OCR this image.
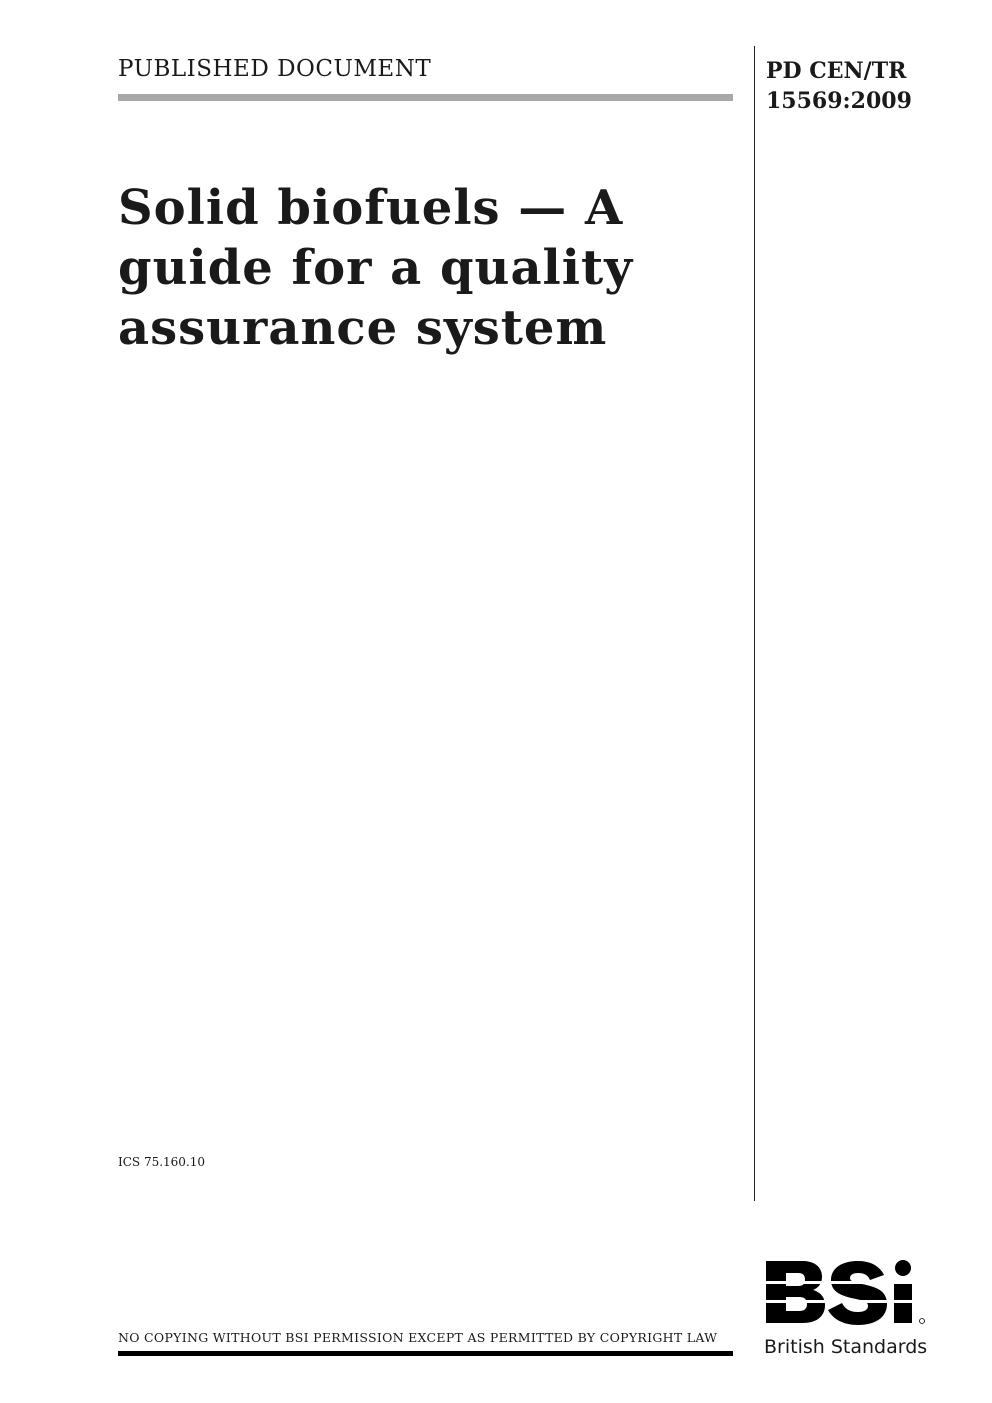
PUBLISHED DOCUMENT	PD CEN/TR
15569:2009
Solid biofuels — A
guide for a quality
assurance system
ICS 75.160.10
NO COPYING WITHOUT BSI PERMISSION EXCEPT AS PERMITTED BY COPYRIGHT LAW British Standards
